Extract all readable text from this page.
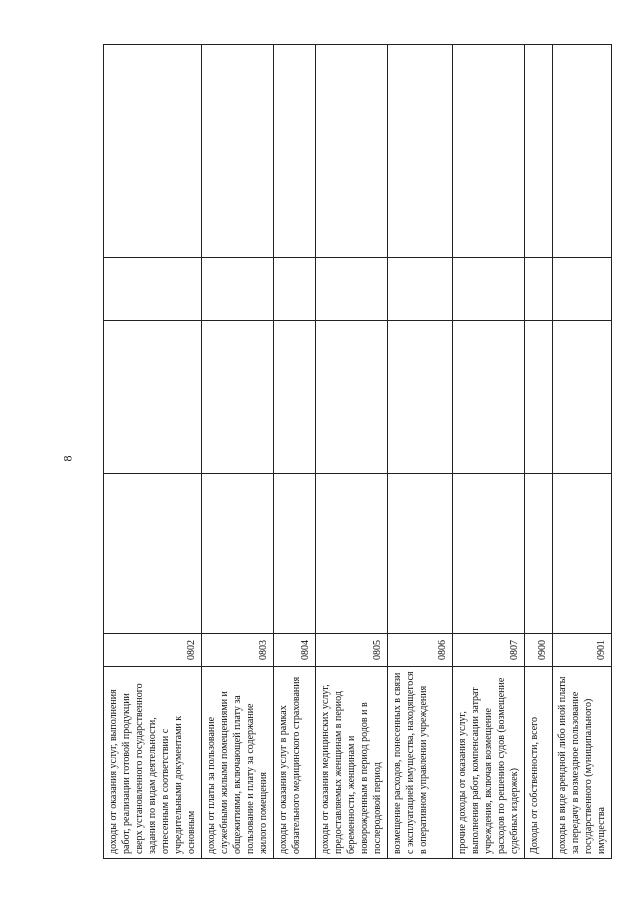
8
доходы от оказания услуг, выполнения работ, реализации готовой продукции сверх установленного государственного задания по видам деятельности, отнесенным в соответствии с учредительными документами к основным	0802				
доходы от платы за пользование служебными жилыми помещениями и общежитиями, включающей плату за пользование и плату за содержание жилого помещения	0803				
доходы от оказания услуг в рамках обязательного медицинского страхования	0804				
доходы от оказания медицинских услуг, предоставляемых женщинам в период беременности, женщинам и новорожденным в период родов и в послеродовой период	0805				
возмещение расходов, понесенных в связи с эксплуатацией имущества, находящегося в оперативном управлении учреждения	0806				
прочие доходы от оказания услуг, выполнения работ, компенсации затрат учреждения, включая возмещение расходов по решению судов (возмещение судебных издержек)	0807				
Доходы от собственности, всего	0900				
доходы в виде арендной либо иной платы за передачу в возмездное пользование государственного (муниципального) имущества	0901				
